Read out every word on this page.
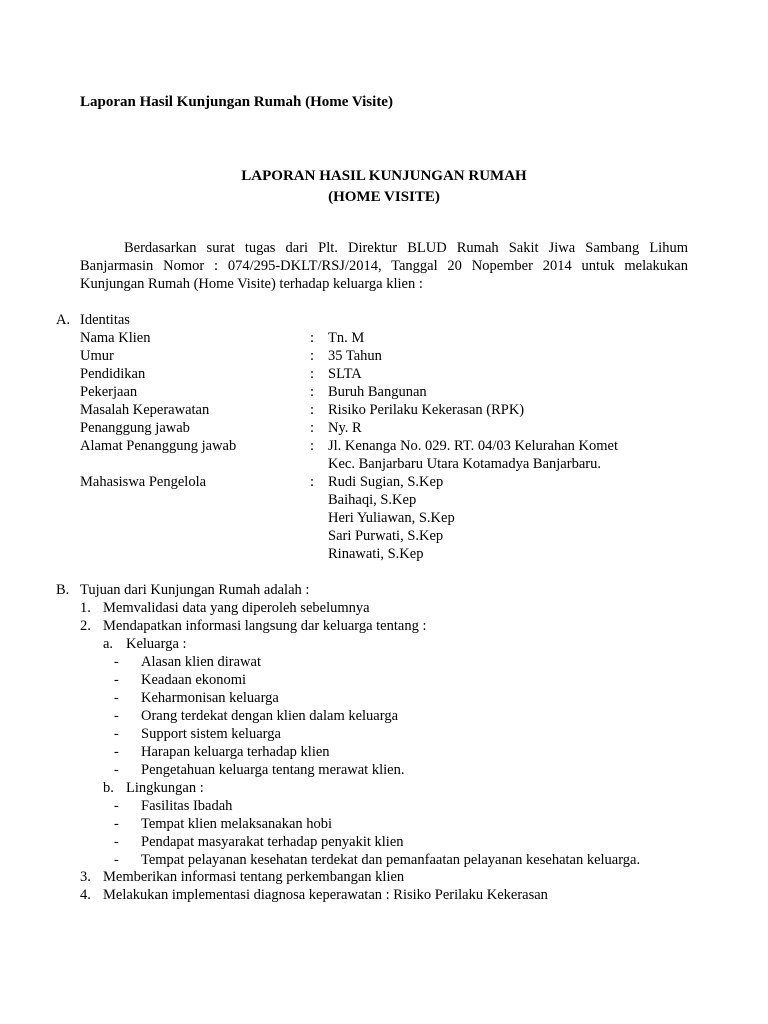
Laporan Hasil Kunjungan Rumah (Home Visite)
LAPORAN HASIL KUNJUNGAN RUMAH
(HOME VISITE)
Berdasarkan surat tugas dari Plt. Direktur BLUD Rumah Sakit Jiwa Sambang Lihum Banjarmasin Nomor : 074/295-DKLT/RSJ/2014, Tanggal 20 Nopember 2014 untuk melakukan Kunjungan Rumah (Home Visite) terhadap keluarga klien :
A. Identitas
Nama Klien	: Tn. M
Umur	: 35 Tahun
Pendidikan	: SLTA
Pekerjaan	: Buruh Bangunan
Masalah Keperawatan	: Risiko Perilaku Kekerasan (RPK)
Penanggung jawab	: Ny. R
Alamat Penanggung jawab	: Jl. Kenanga No. 029. RT. 04/03 Kelurahan Komet
Kec. Banjarbaru Utara Kotamadya Banjarbaru.
Mahasiswa Pengelola	: Rudi Sugian, S.Kep
Baihaqi, S.Kep
Heri Yuliawan, S.Kep
Sari Purwati, S.Kep
Rinawati, S.Kep
B. Tujuan dari Kunjungan Rumah adalah :
1. Memvalidasi data yang diperoleh sebelumnya
2. Mendapatkan informasi langsung dar keluarga tentang :
a. Keluarga :
- Alasan klien dirawat
- Keadaan ekonomi
- Keharmonisan keluarga
- Orang terdekat dengan klien dalam keluarga
- Support sistem keluarga
- Harapan keluarga terhadap klien
- Pengetahuan keluarga tentang merawat klien.
b. Lingkungan :
- Fasilitas Ibadah
- Tempat klien melaksanakan hobi
- Pendapat masyarakat terhadap penyakit klien
- Tempat pelayanan kesehatan terdekat dan pemanfaatan pelayanan kesehatan keluarga.
3. Memberikan informasi tentang perkembangan klien
4. Melakukan implementasi diagnosa keperawatan : Risiko Perilaku Kekerasan
